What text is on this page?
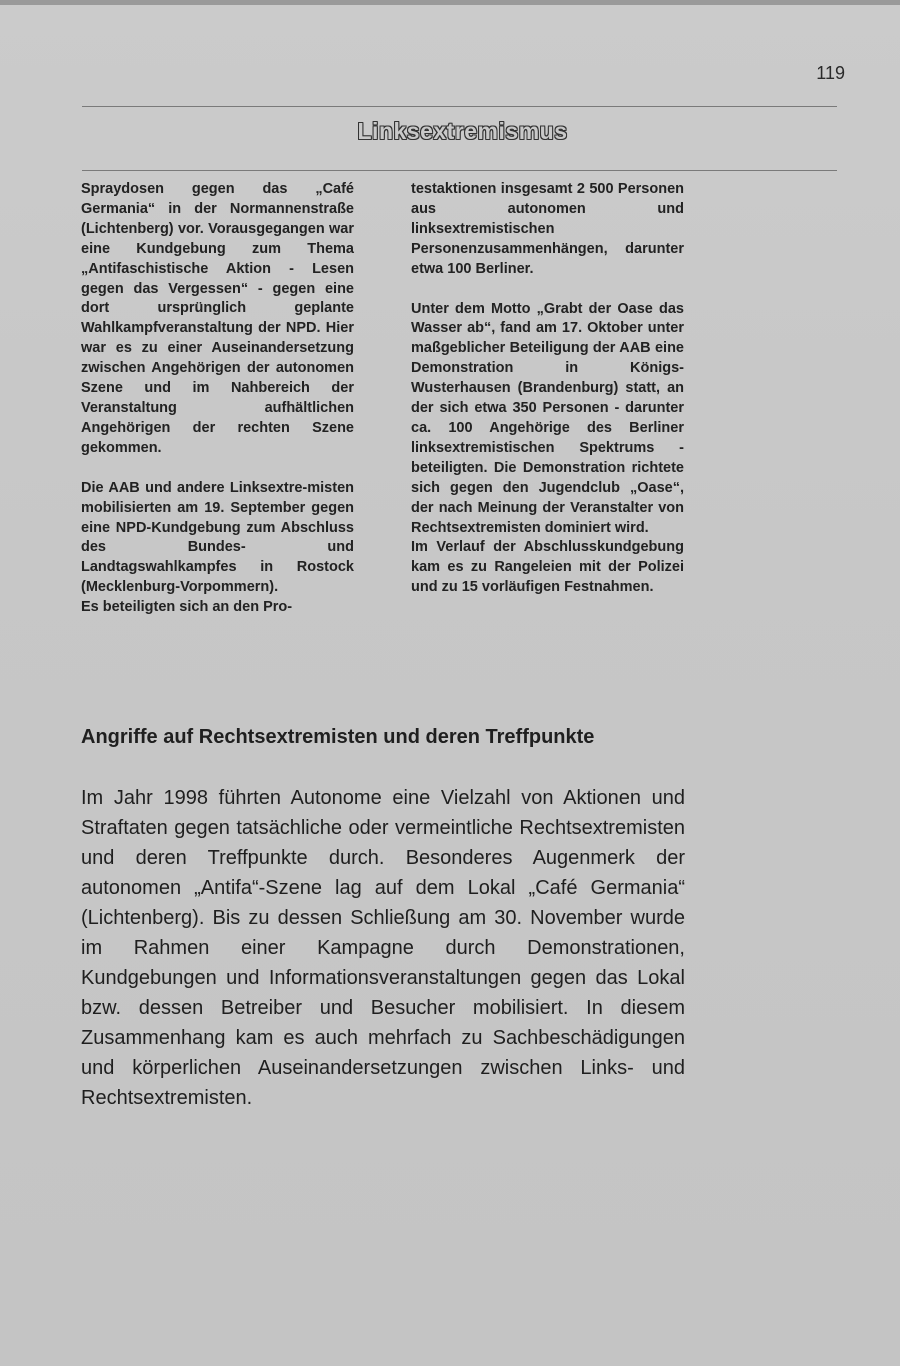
119
Linksextremismus

Spraydosen gegen das „Café Germania“ in der Normannenstraße (Lichtenberg) vor. Vorausgegangen war eine Kundgebung zum Thema „Antifaschistische Aktion - Lesen gegen das Vergessen“ - gegen eine dort ursprünglich geplante Wahlkampfveranstaltung der NPD. Hier war es zu einer Auseinandersetzung zwischen Angehörigen der autonomen Szene und im Nahbereich der Veranstaltung aufhältlichen Angehörigen der rechten Szene gekommen.

Die AAB und andere Linksextre-misten mobilisierten am 19. September gegen eine NPD-Kundgebung zum Abschluss des Bundes- und Landtagswahlkampfes in Rostock (Mecklenburg-Vorpommern).

Es beteiligten sich an den Pro-

testaktionen insgesamt 2 500 Personen aus autonomen und linksextremistischen Personenzusammenhängen, darunter etwa 100 Berliner.

Unter dem Motto „Grabt der Oase das Wasser ab“, fand am 17. Oktober unter maßgeblicher Beteiligung der AAB eine Demonstration in Königs-Wusterhausen (Brandenburg) statt, an der sich etwa 350 Personen - darunter ca. 100 Angehörige des Berliner linksextremistischen Spektrums - beteiligten. Die Demonstration richtete sich gegen den Jugendclub „Oase“, der nach Meinung der Veranstalter von Rechtsextremisten dominiert wird.

Im Verlauf der Abschlusskundgebung kam es zu Rangeleien mit der Polizei und zu 15 vorläufigen Festnahmen.

Angriffe auf Rechtsextremisten und deren Treffpunkte

Im Jahr 1998 führten Autonome eine Vielzahl von Aktionen und Straftaten gegen tatsächliche oder vermeintliche Rechtsextremisten und deren Treffpunkte durch. Besonderes Augenmerk der autonomen „Antifa“-Szene lag auf dem Lokal „Café Germania“ (Lichtenberg). Bis zu dessen Schließung am 30. November wurde im Rahmen einer Kampagne durch Demonstrationen, Kundgebungen und Informationsveranstaltungen gegen das Lokal bzw. dessen Betreiber und Besucher mobilisiert. In diesem Zusammenhang kam es auch mehrfach zu Sachbeschädigungen und körperlichen Auseinandersetzungen zwischen Links- und Rechtsextremisten.
